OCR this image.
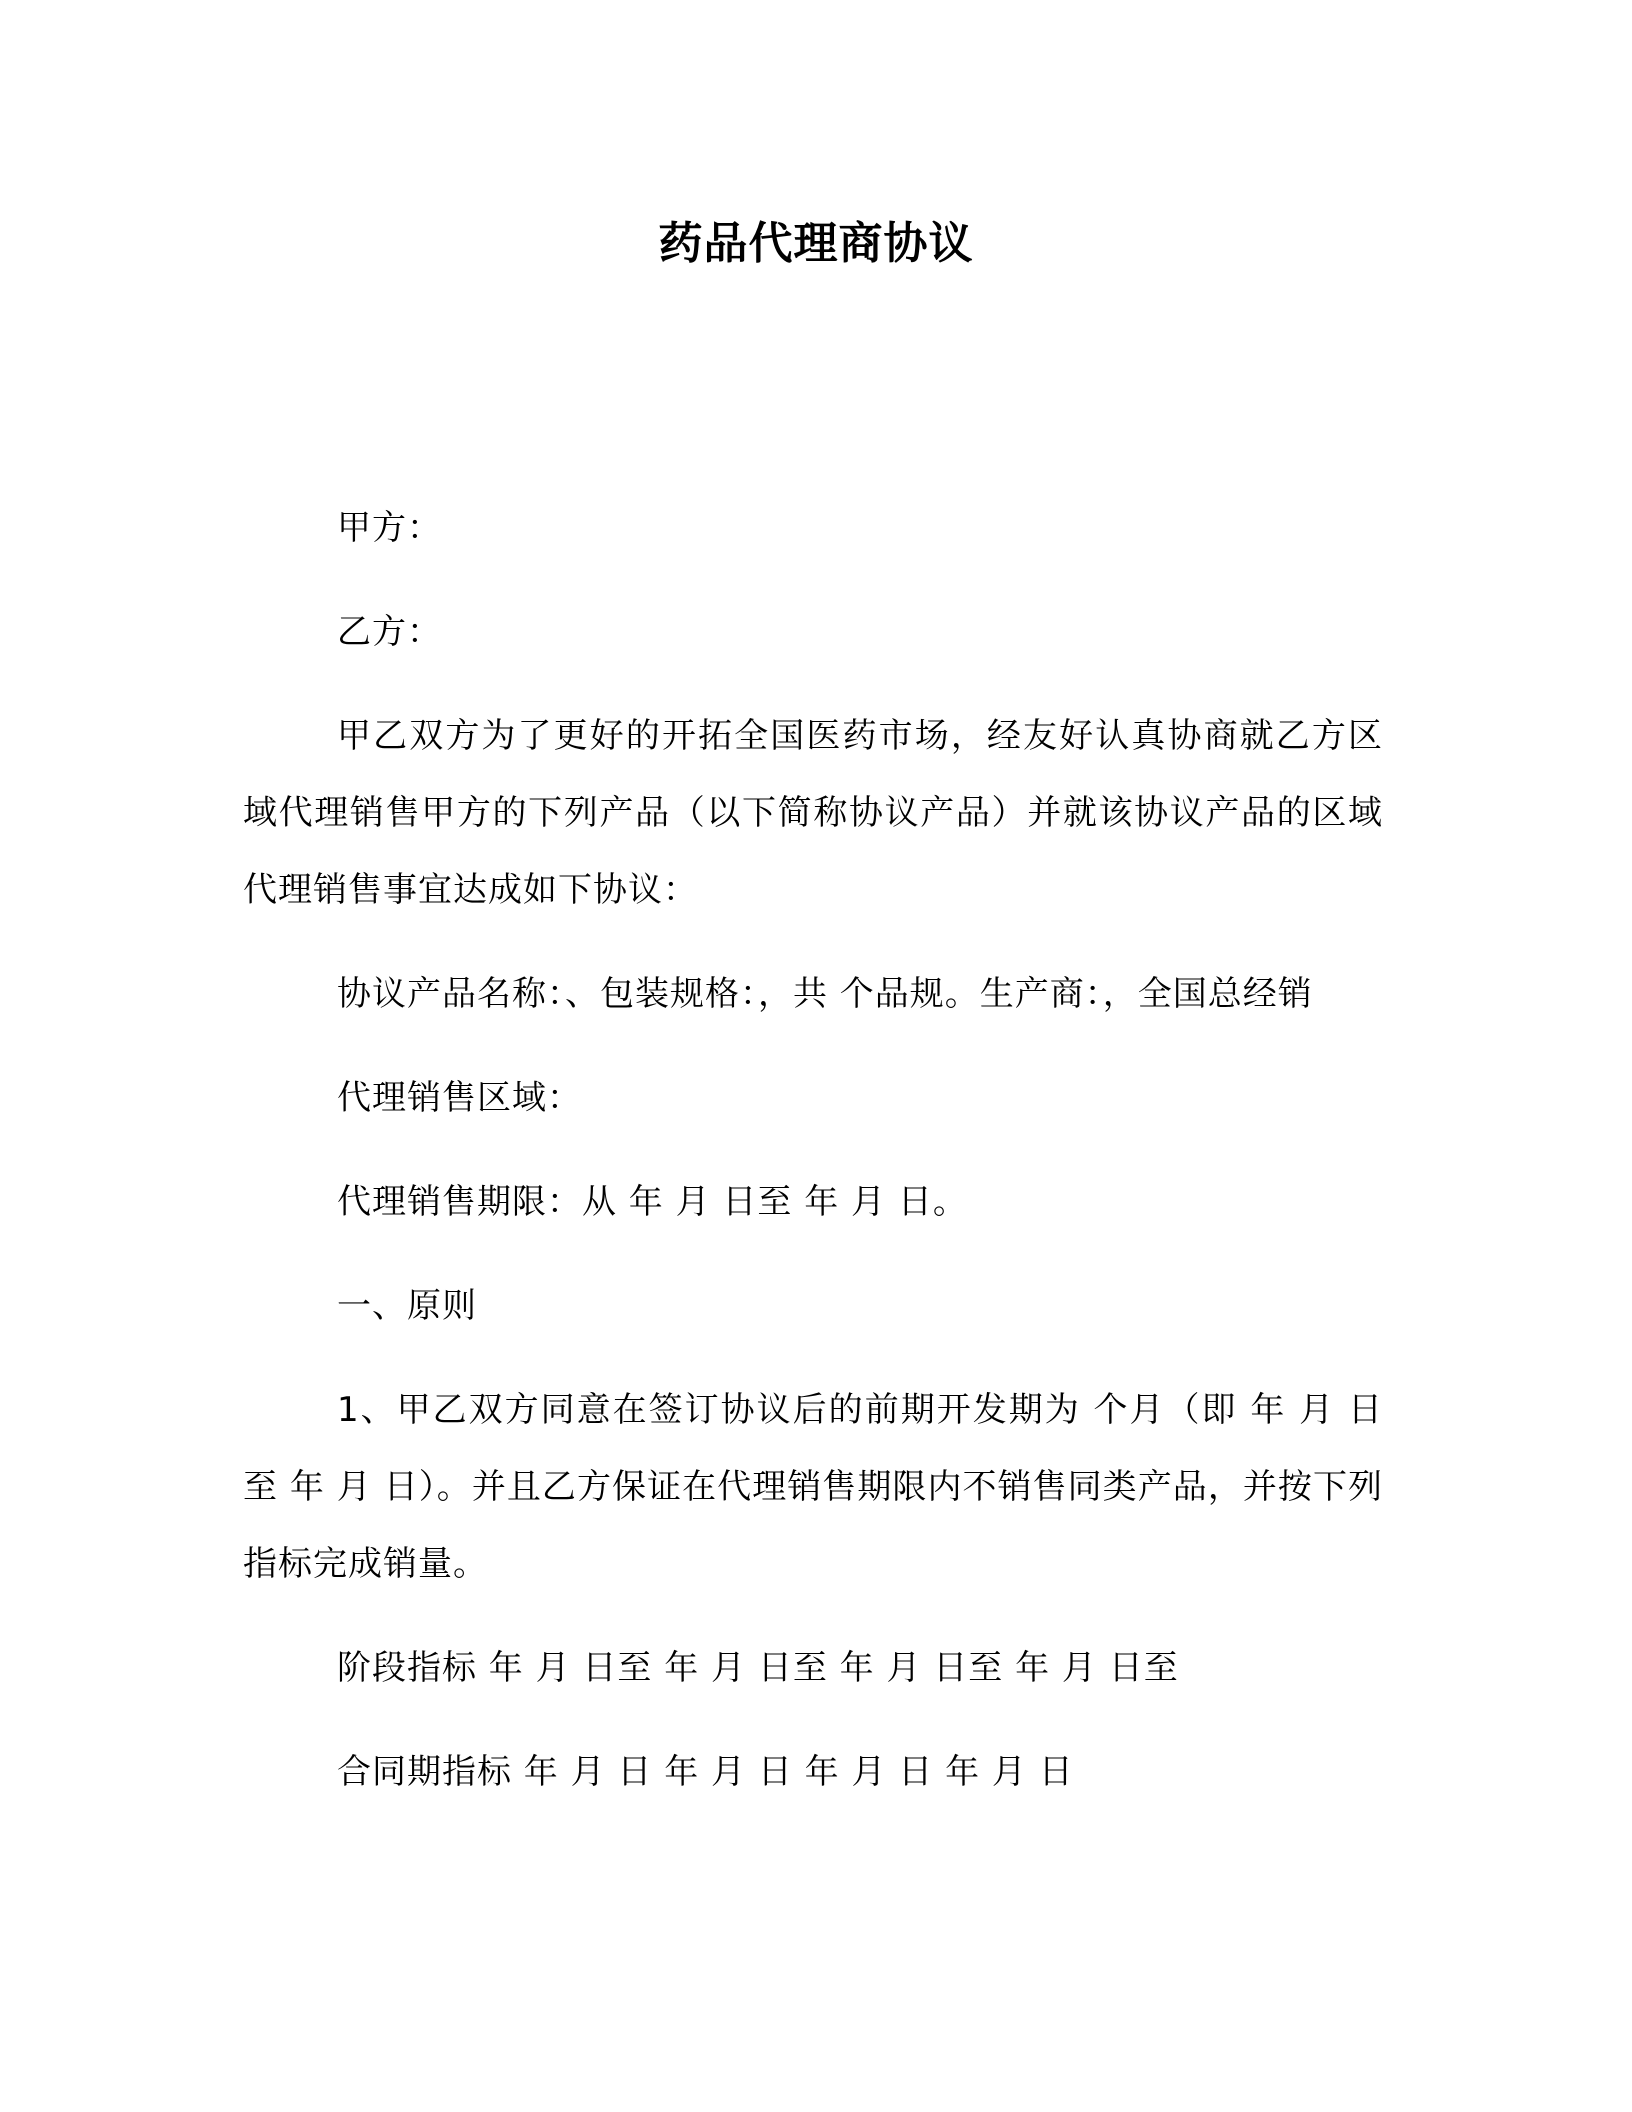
药品代理商协议

甲方：

乙方：

甲乙双方为了更好的开拓全国医药市场，经友好认真协商就乙方区域代理销售甲方的下列产品（以下简称协议产品）并就该协议产品的区域代理销售事宜达成如下协议：

协议产品名称：、包装规格：，共 个品规。生产商：，全国总经销

代理销售区域：

代理销售期限：从 年 月 日至 年 月 日。

一、原则

1、甲乙双方同意在签订协议后的前期开发期为 个月（即 年 月 日至 年 月 日）。并且乙方保证在代理销售期限内不销售同类产品，并按下列指标完成销量。

阶段指标 年 月 日至 年 月 日至 年 月 日至 年 月 日至

合同期指标 年 月 日 年 月 日 年 月 日 年 月 日
